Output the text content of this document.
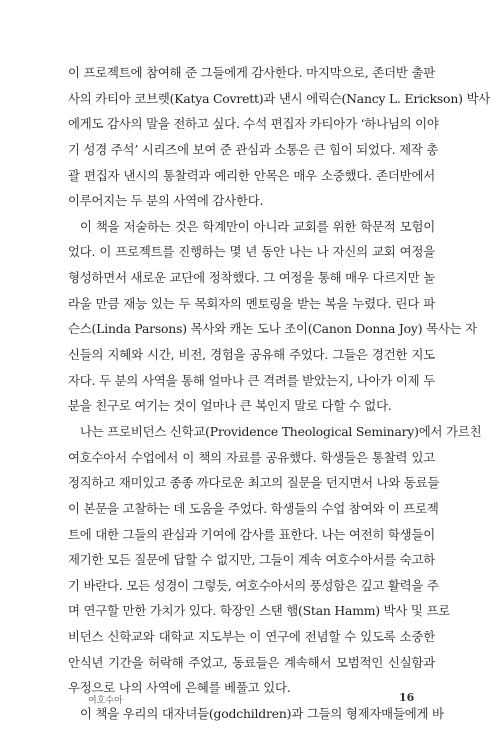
이 프로젝트에 참여해 준 그들에게 감사한다. 마지막으로, 존더반 출판
사의 카티아 코브렛(Katya Covrett)과 낸시 에릭슨(Nancy L. Erickson) 박사
에게도 감사의 말을 전하고 싶다. 수석 편집자 카티아가 ‘하나님의 이야
기 성경 주석’ 시리즈에 보여 준 관심과 소통은 큰 힘이 되었다. 제작 총
괄 편집자 낸시의 통찰력과 예리한 안목은 매우 소중했다. 존더반에서
이루어지는 두 분의 사역에 감사한다.
이 책을 저술하는 것은 학계만이 아니라 교회를 위한 학문적 모험이
었다. 이 프로젝트를 진행하는 몇 년 동안 나는 나 자신의 교회 여정을
형성하면서 새로운 교단에 정착했다. 그 여정을 통해 매우 다르지만 놀
라울 만큼 재능 있는 두 목회자의 멘토링을 받는 복을 누렸다. 린다 파
슨스(Linda Parsons) 목사와 캐논 도나 조이(Canon Donna Joy) 목사는 자
신들의 지혜와 시간, 비전, 경험을 공유해 주었다. 그들은 경건한 지도
자다. 두 분의 사역을 통해 얼마나 큰 격려를 받았는지, 나아가 이제 두
분을 친구로 여기는 것이 얼마나 큰 복인지 말로 다할 수 없다.
나는 프로비던스 신학교(Providence Theological Seminary)에서 가르친
여호수아서 수업에서 이 책의 자료를 공유했다. 학생들은 통찰력 있고
정직하고 재미있고 종종 까다로운 최고의 질문을 던지면서 나와 동료들
이 본문을 고찰하는 데 도움을 주었다. 학생들의 수업 참여와 이 프로젝
트에 대한 그들의 관심과 기여에 감사를 표한다. 나는 여전히 학생들이
제기한 모든 질문에 답할 수 없지만, 그들이 계속 여호수아서를 숙고하
기 바란다. 모든 성경이 그렇듯, 여호수아서의 풍성함은 깊고 활력을 주
며 연구할 만한 가치가 있다. 학장인 스탠 햄(Stan Hamm) 박사 및 프로
비던스 신학교와 대학교 지도부는 이 연구에 전념할 수 있도록 소중한
안식년 기간을 허락해 주었고, 동료들은 계속해서 모범적인 신실함과
우정으로 나의 사역에 은혜를 베풀고 있다.
이 책을 우리의 대자녀들(godchildren)과 그들의 형제자매들에게 바
여호수아	16
